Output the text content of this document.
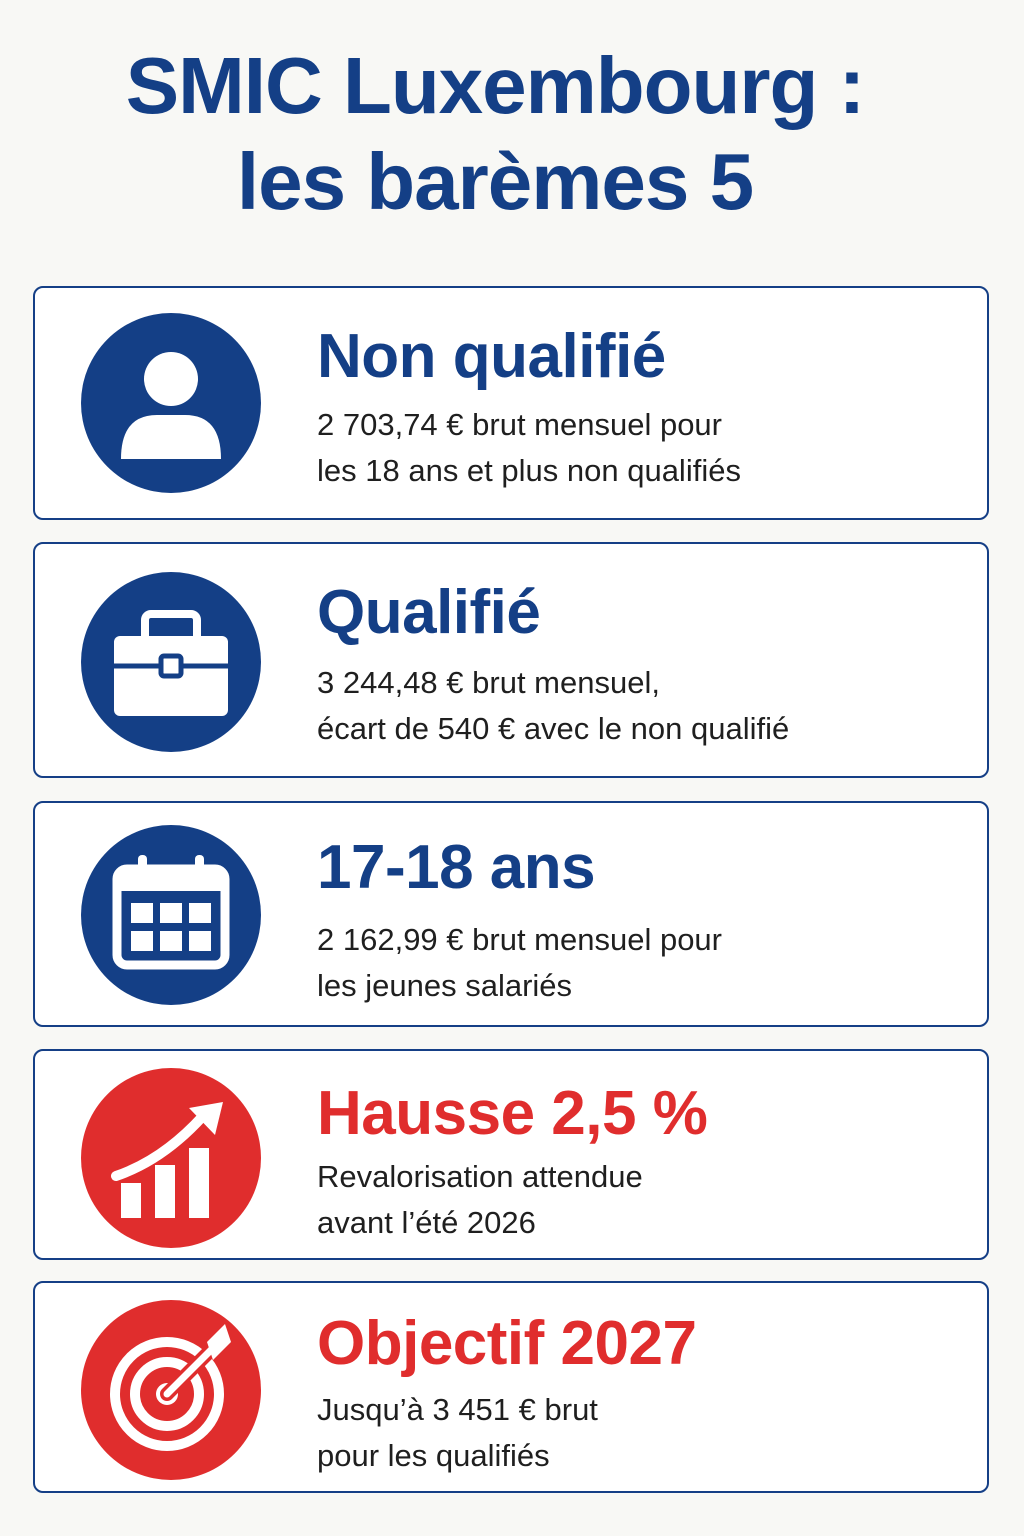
SMIC Luxembourg :
les barèmes 5
Non qualifié
2 703,74 € brut mensuel pour
les 18 ans et plus non qualifiés
Qualifié
3 244,48 € brut mensuel,
écart de 540 € avec le non qualifié
17-18 ans
2 162,99 € brut mensuel pour
les jeunes salariés
Hausse 2,5 %
Revalorisation attendue
avant l’été 2026
Objectif 2027
Jusqu’à 3 451 € brut
pour les qualifiés
